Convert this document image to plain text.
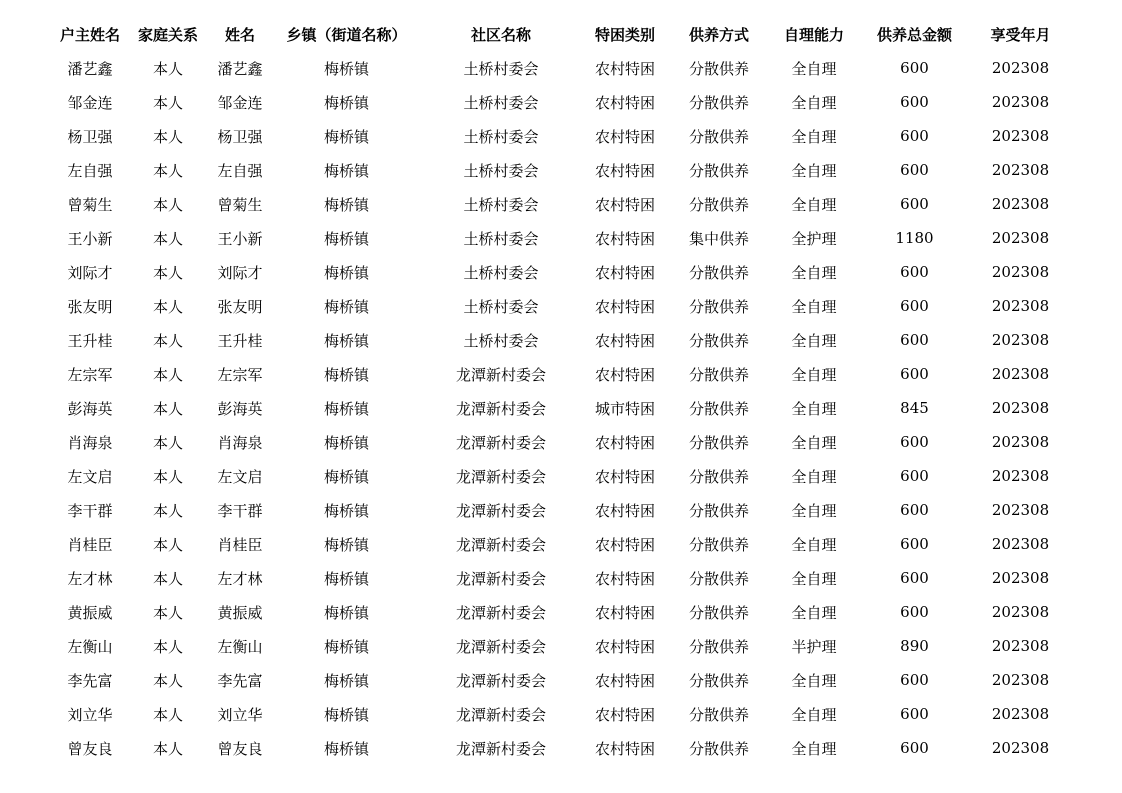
户主姓名	家庭关系	姓名	乡镇（街道名称）	社区名称	特困类别	供养方式	自理能力	供养总金额	享受年月
潘艺鑫	本人	潘艺鑫	梅桥镇	土桥村委会	农村特困	分散供养	全自理	600	202308
邹金连	本人	邹金连	梅桥镇	土桥村委会	农村特困	分散供养	全自理	600	202308
杨卫强	本人	杨卫强	梅桥镇	土桥村委会	农村特困	分散供养	全自理	600	202308
左自强	本人	左自强	梅桥镇	土桥村委会	农村特困	分散供养	全自理	600	202308
曾菊生	本人	曾菊生	梅桥镇	土桥村委会	农村特困	分散供养	全自理	600	202308
王小新	本人	王小新	梅桥镇	土桥村委会	农村特困	集中供养	全护理	1180	202308
刘际才	本人	刘际才	梅桥镇	土桥村委会	农村特困	分散供养	全自理	600	202308
张友明	本人	张友明	梅桥镇	土桥村委会	农村特困	分散供养	全自理	600	202308
王升桂	本人	王升桂	梅桥镇	土桥村委会	农村特困	分散供养	全自理	600	202308
左宗军	本人	左宗军	梅桥镇	龙潭新村委会	农村特困	分散供养	全自理	600	202308
彭海英	本人	彭海英	梅桥镇	龙潭新村委会	城市特困	分散供养	全自理	845	202308
肖海泉	本人	肖海泉	梅桥镇	龙潭新村委会	农村特困	分散供养	全自理	600	202308
左文启	本人	左文启	梅桥镇	龙潭新村委会	农村特困	分散供养	全自理	600	202308
李干群	本人	李干群	梅桥镇	龙潭新村委会	农村特困	分散供养	全自理	600	202308
肖桂臣	本人	肖桂臣	梅桥镇	龙潭新村委会	农村特困	分散供养	全自理	600	202308
左才林	本人	左才林	梅桥镇	龙潭新村委会	农村特困	分散供养	全自理	600	202308
黄振威	本人	黄振威	梅桥镇	龙潭新村委会	农村特困	分散供养	全自理	600	202308
左衡山	本人	左衡山	梅桥镇	龙潭新村委会	农村特困	分散供养	半护理	890	202308
李先富	本人	李先富	梅桥镇	龙潭新村委会	农村特困	分散供养	全自理	600	202308
刘立华	本人	刘立华	梅桥镇	龙潭新村委会	农村特困	分散供养	全自理	600	202308
曾友良	本人	曾友良	梅桥镇	龙潭新村委会	农村特困	分散供养	全自理	600	202308
